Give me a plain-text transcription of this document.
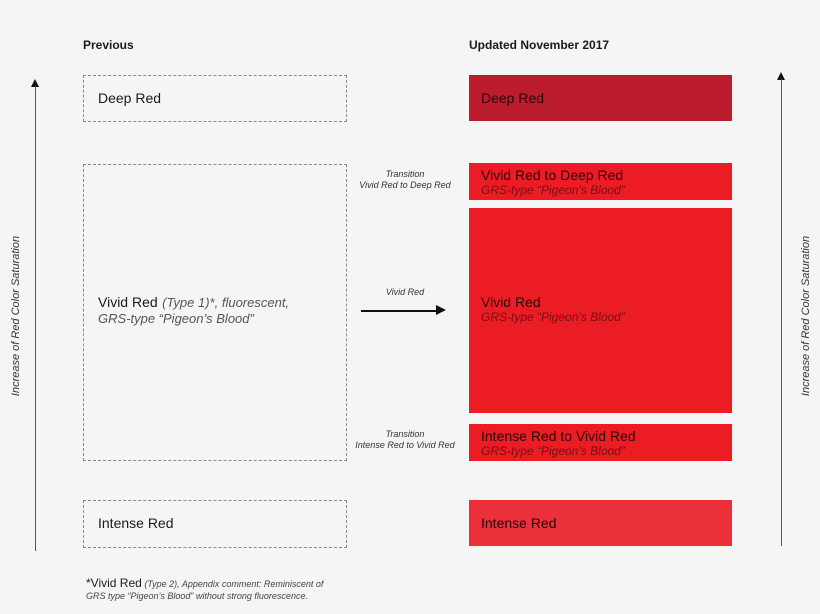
Previous	Updated November 2017
Increase of Red Color Saturation	Increase of Red Color Saturation
Deep Red
Vivid Red (Type 1)*, fluorescent,
GRS-type “Pigeon’s Blood”
Intense Red
Transition
Vivid Red to Deep Red
Vivid Red
Transition
Intense Red to Vivid Red
Deep Red
Vivid Red to Deep Red
GRS-type “Pigeon’s Blood”
Vivid Red
GRS-type “Pigeon’s Blood”
Intense Red to Vivid Red
GRS-type “Pigeon’s Blood”
Intense Red
*Vivid Red (Type 2), Appendix comment: Reminiscent of
GRS type “Pigeon’s Blood” without strong fluorescence.
